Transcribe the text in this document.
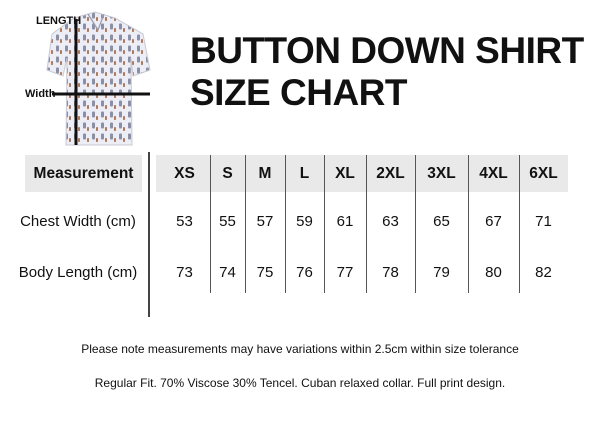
LENGTH
Width
BUTTON DOWN SHIRT
SIZE CHART
Measurement	XS
53
73
S
55
74
M
57
75
L
59
76
XL
61
77
2XL
63
78
3XL
65
79
4XL
67
80
6XL
71
82
Chest Width (cm)
Body Length (cm)
Please note measurements may have variations within 2.5cm within size tolerance
Regular Fit. 70% Viscose 30% Tencel. Cuban relaxed collar. Full print design.
